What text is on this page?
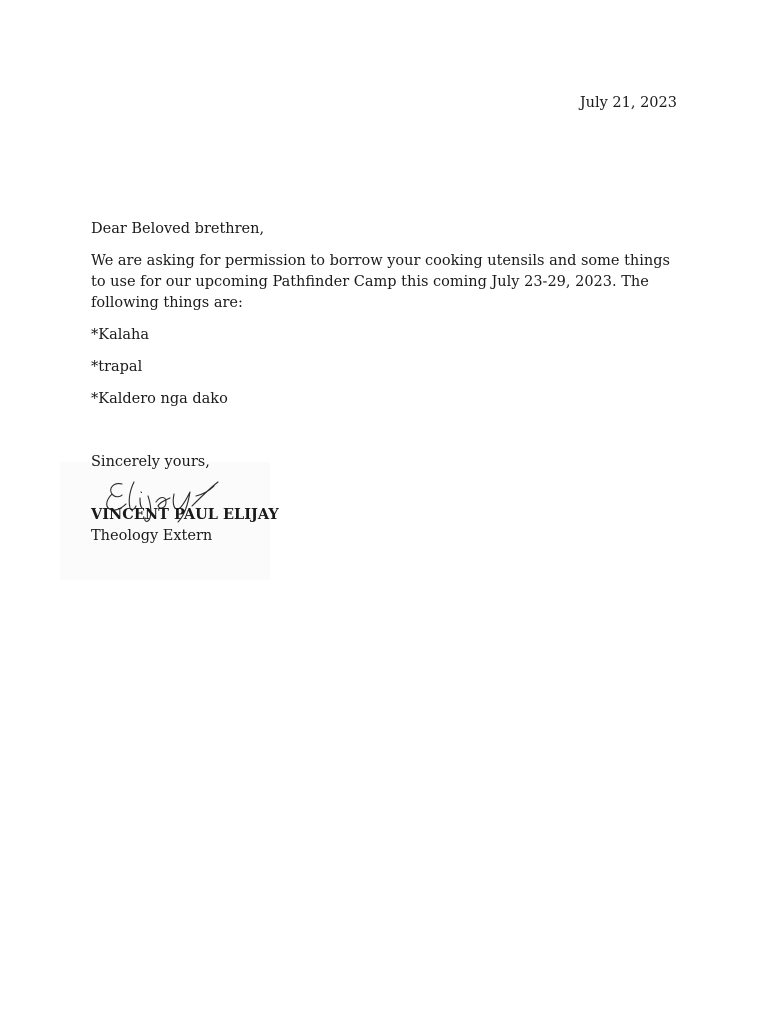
July 21, 2023

Dear Beloved brethren,

We are asking for permission to borrow your cooking utensils and some things to use for our upcoming Pathfinder Camp this coming July 23-29, 2023. The following things are:

*Kalaha

*trapal

*Kaldero nga dako

Sincerely yours,
VINCENT PAUL ELIJAY
Theology Extern
